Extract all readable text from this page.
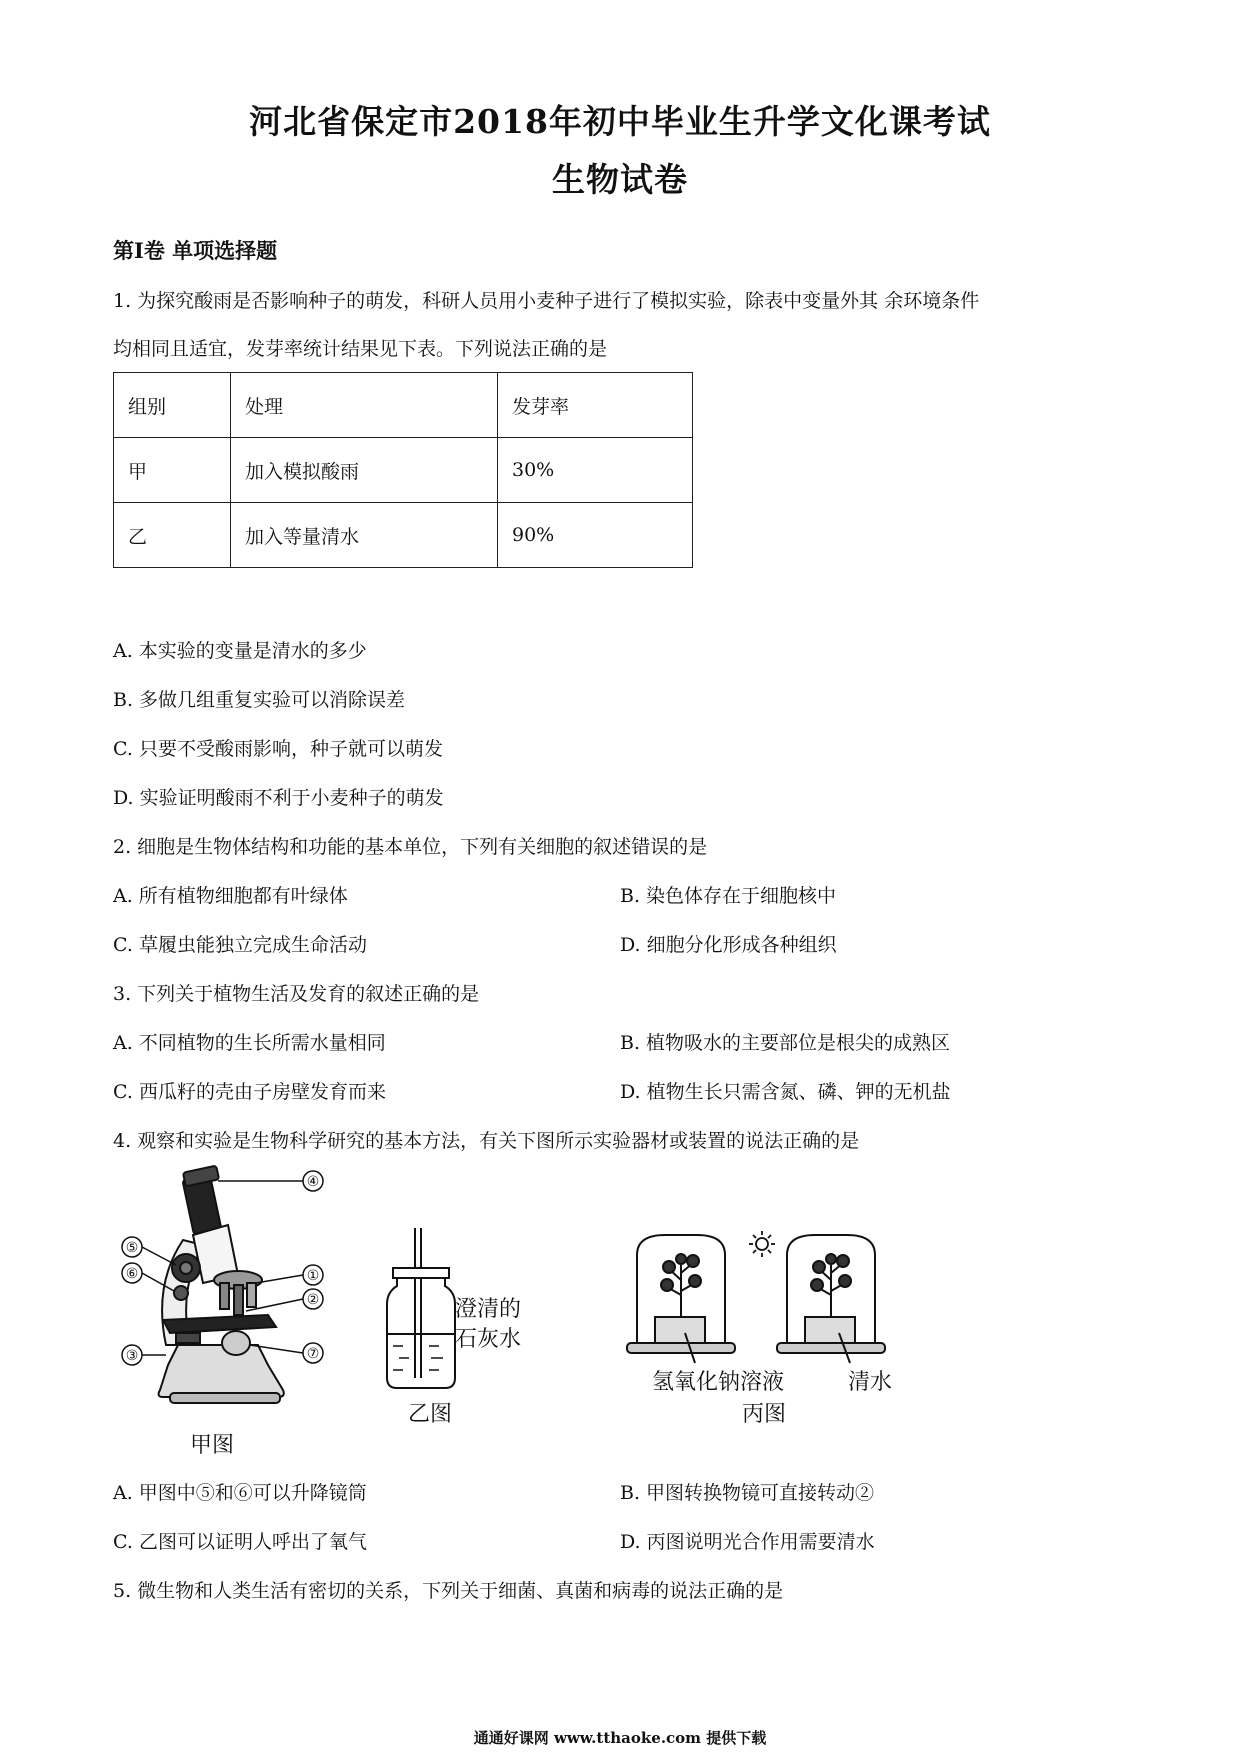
河北省保定市2018年初中毕业生升学文化课考试
生物试卷
第Ⅰ卷 单项选择题
1. 为探究酸雨是否影响种子的萌发，科研人员用小麦种子进行了模拟实验，除表中变量外其 余环境条件
均相同且适宜，发芽率统计结果见下表。下列说法正确的是
组别	处理	发芽率
甲	加入模拟酸雨	30%
乙	加入等量清水	90%
A. 本实验的变量是清水的多少
B. 多做几组重复实验可以消除误差
C. 只要不受酸雨影响，种子就可以萌发
D. 实验证明酸雨不利于小麦种子的萌发
2. 细胞是生物体结构和功能的基本单位，下列有关细胞的叙述错误的是
A. 所有植物细胞都有叶绿体	B. 染色体存在于细胞核中
C. 草履虫能独立完成生命活动	D. 细胞分化形成各种组织
3. 下列关于植物生活及发育的叙述正确的是
A. 不同植物的生长所需水量相同	B. 植物吸水的主要部位是根尖的成熟区
C. 西瓜籽的壳由子房壁发育而来	D. 植物生长只需含氮、磷、钾的无机盐
4. 观察和实验是生物科学研究的基本方法，有关下图所示实验器材或装置的说法正确的是
④
⑤
⑥	①
②
③	⑦
甲图
澄清的
石灰水
乙图
氢氧化钠溶液	清水
丙图
A. 甲图中⑤和⑥可以升降镜筒	B. 甲图转换物镜可直接转动②
C. 乙图可以证明人呼出了氧气	D. 丙图说明光合作用需要清水
5. 微生物和人类生活有密切的关系，下列关于细菌、真菌和病毒的说法正确的是
通通好课网 www.tthaoke.com 提供下载
